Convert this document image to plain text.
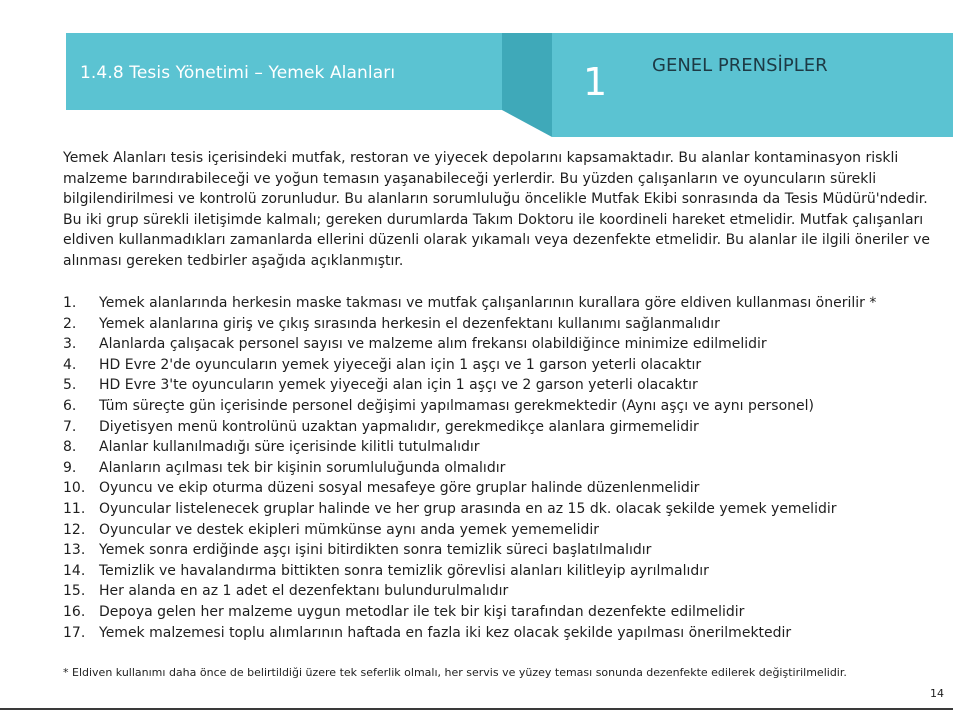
1.4.8 Tesis Yönetimi – Yemek Alanları	1 GENEL PRENSİPLER

Yemek Alanları tesis içerisindeki mutfak, restoran ve yiyecek depolarını kapsamaktadır. Bu alanlar kontaminasyon riskli malzeme barındırabileceği ve yoğun temasın yaşanabileceği yerlerdir. Bu yüzden çalışanların ve oyuncuların sürekli bilgilendirilmesi ve kontrolü zorunludur. Bu alanların sorumluluğu öncelikle Mutfak Ekibi sonrasında da Tesis Müdürü'ndedir. Bu iki grup sürekli iletişimde kalmalı; gereken durumlarda Takım Doktoru ile koordineli hareket etmelidir. Mutfak çalışanları eldiven kullanmadıkları zamanlarda ellerini düzenli olarak yıkamalı veya dezenfekte etmelidir. Bu alanlar ile ilgili öneriler ve alınması gereken tedbirler aşağıda açıklanmıştır.

1.	Yemek alanlarında herkesin maske takması ve mutfak çalışanlarının kurallara göre eldiven kullanması önerilir *
2.	Yemek alanlarına giriş ve çıkış sırasında herkesin el dezenfektanı kullanımı sağlanmalıdır
3.	Alanlarda çalışacak personel sayısı ve malzeme alım frekansı olabildiğince minimize edilmelidir
4.	HD Evre 2'de oyuncuların yemek yiyeceği alan için 1 aşçı ve 1 garson yeterli olacaktır
5.	HD Evre 3'te oyuncuların yemek yiyeceği alan için 1 aşçı ve 2 garson yeterli olacaktır
6.	Tüm süreçte gün içerisinde personel değişimi yapılmaması gerekmektedir (Aynı aşçı ve aynı personel)
7.	Diyetisyen menü kontrolünü uzaktan yapmalıdır, gerekmedikçe alanlara girmemelidir
8.	Alanlar kullanılmadığı süre içerisinde kilitli tutulmalıdır
9.	Alanların açılması tek bir kişinin sorumluluğunda olmalıdır
10. Oyuncu ve ekip oturma düzeni sosyal mesafeye göre gruplar halinde düzenlenmelidir
11. Oyuncular listelenecek gruplar halinde ve her grup arasında en az 15 dk. olacak şekilde yemek yemelidir
12. Oyuncular ve destek ekipleri mümkünse aynı anda yemek yememelidir
13. Yemek sonra erdiğinde aşçı işini bitirdikten sonra temizlik süreci başlatılmalıdır
14. Temizlik ve havalandırma bittikten sonra temizlik görevlisi alanları kilitleyip ayrılmalıdır
15. Her alanda en az 1 adet el dezenfektanı bulundurulmalıdır
16. Depoya gelen her malzeme uygun metodlar ile tek bir kişi tarafından dezenfekte edilmelidir
17. Yemek malzemesi toplu alımlarının haftada en fazla iki kez olacak şekilde yapılması önerilmektedir

* Eldiven kullanımı daha önce de belirtildiği üzere tek seferlik olmalı, her servis ve yüzey teması sonunda dezenfekte edilerek değiştirilmelidir.

14
